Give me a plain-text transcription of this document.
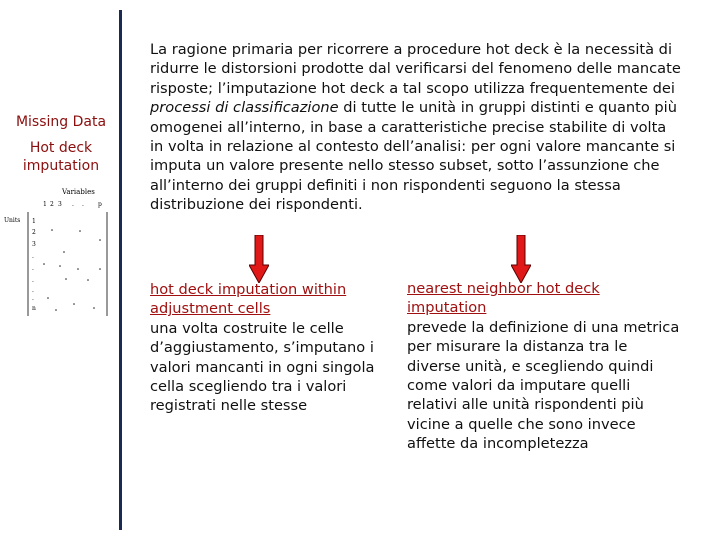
Missing Data
Hot deck
imputation
Variables
1 2 3 . . p
Units 1
2
3
.
.
.
.
.
n
La ragione primaria per ricorrere a procedure hot deck è la necessità di ridurre le distorsioni prodotte dal verificarsi del fenomeno delle mancate risposte; l’imputazione hot deck a tal scopo utilizza frequentemente dei processi di classificazione di tutte le unità in gruppi distinti e quanto più omogenei all’interno, in base a caratteristiche precise stabilite di volta in volta in relazione al contesto dell’analisi: per ogni valore mancante si imputa un valore presente nello stesso subset, sotto l’assunzione che all’interno dei gruppi definiti i non rispondenti seguono la stessa distribuzione dei rispondenti.
hot deck imputation within adjustment cells
una volta costruite le celle d’aggiustamento, s’imputano i valori mancanti in ogni singola cella scegliendo tra i valori registrati nelle stesse
nearest neighbor hot deck imputation
prevede la definizione di una metrica per misurare la distanza tra le diverse unità, e scegliendo quindi come valori da imputare quelli relativi alle unità rispondenti più vicine a quelle che sono invece affette da incompletezza
